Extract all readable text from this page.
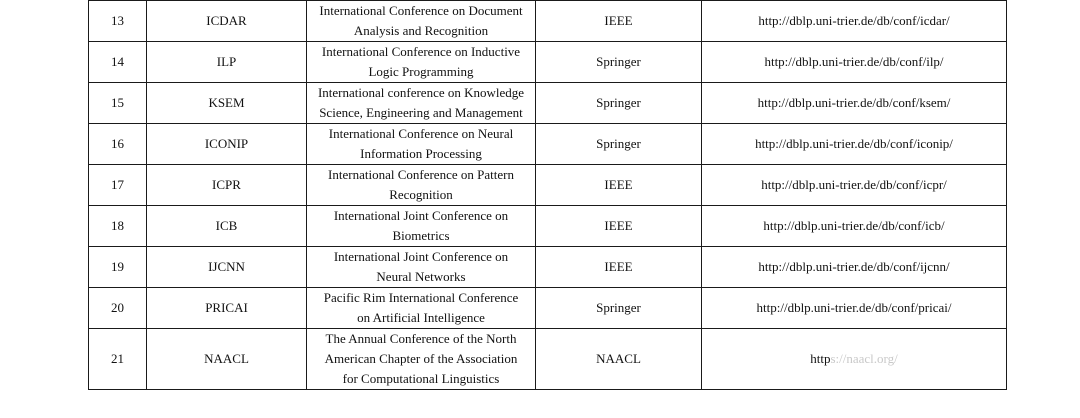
13	ICDAR	International Conference on Document
Analysis and Recognition	IEEE	http://dblp.uni-trier.de/db/conf/icdar/
14	ILP	International Conference on Inductive
Logic Programming	Springer	http://dblp.uni-trier.de/db/conf/ilp/
15	KSEM	International conference on Knowledge
Science, Engineering and Management	Springer	http://dblp.uni-trier.de/db/conf/ksem/
16	ICONIP	International Conference on Neural
Information Processing	Springer	http://dblp.uni-trier.de/db/conf/iconip/
17	ICPR	International Conference on Pattern
Recognition	IEEE	http://dblp.uni-trier.de/db/conf/icpr/
18	ICB	International Joint Conference on
Biometrics	IEEE	http://dblp.uni-trier.de/db/conf/icb/
19	IJCNN	International Joint Conference on
Neural Networks	IEEE	http://dblp.uni-trier.de/db/conf/ijcnn/
20	PRICAI	Pacific Rim International Conference
on Artificial Intelligence	Springer	http://dblp.uni-trier.de/db/conf/pricai/
21	NAACL	The Annual Conference of the North
American Chapter of the Association
for Computational Linguistics	NAACL	https://naacl.org/
